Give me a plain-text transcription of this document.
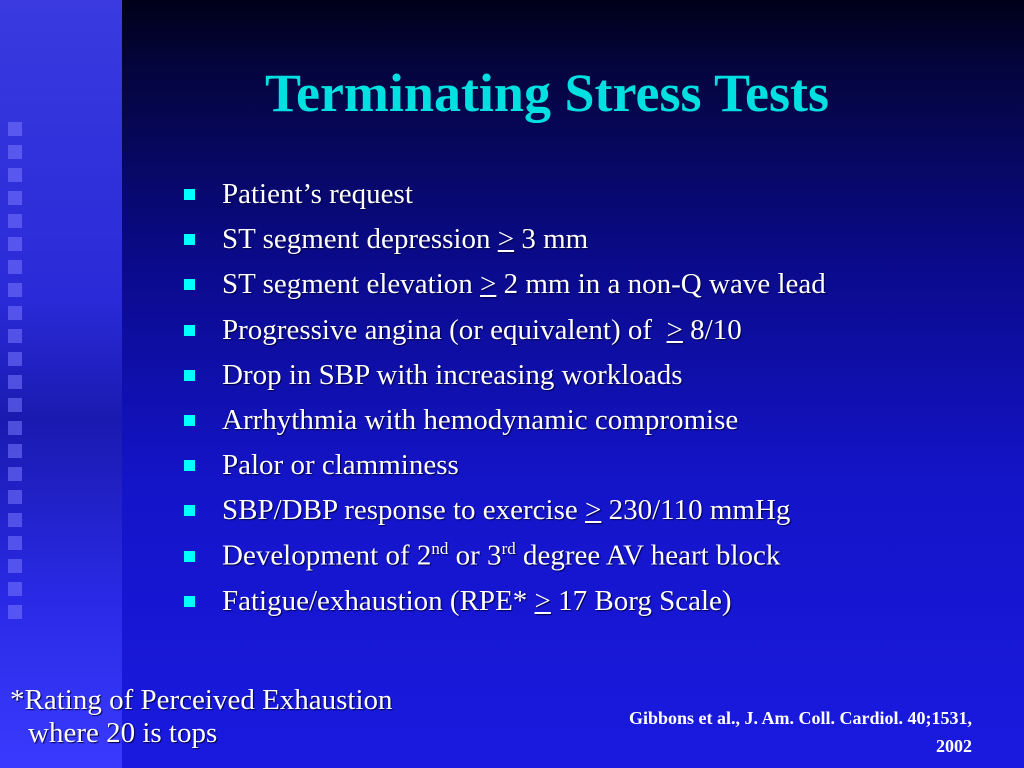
Terminating Stress Tests
Patient’s request
ST segment depression ≥ 3 mm
ST segment elevation ≥ 2 mm in a non-Q wave lead
Progressive angina (or equivalent) of  ≥ 8/10
Drop in SBP with increasing workloads
Arrhythmia with hemodynamic compromise
Palor or clamminess
SBP/DBP response to exercise ≥ 230/110 mmHg
Development of 2nd or 3rd degree AV heart block
Fatigue/exhaustion (RPE* ≥ 17 Borg Scale)
*Rating of Perceived Exhaustion
where 20 is tops	Gibbons et al., J. Am. Coll. Cardiol. 40;1531,
2002
